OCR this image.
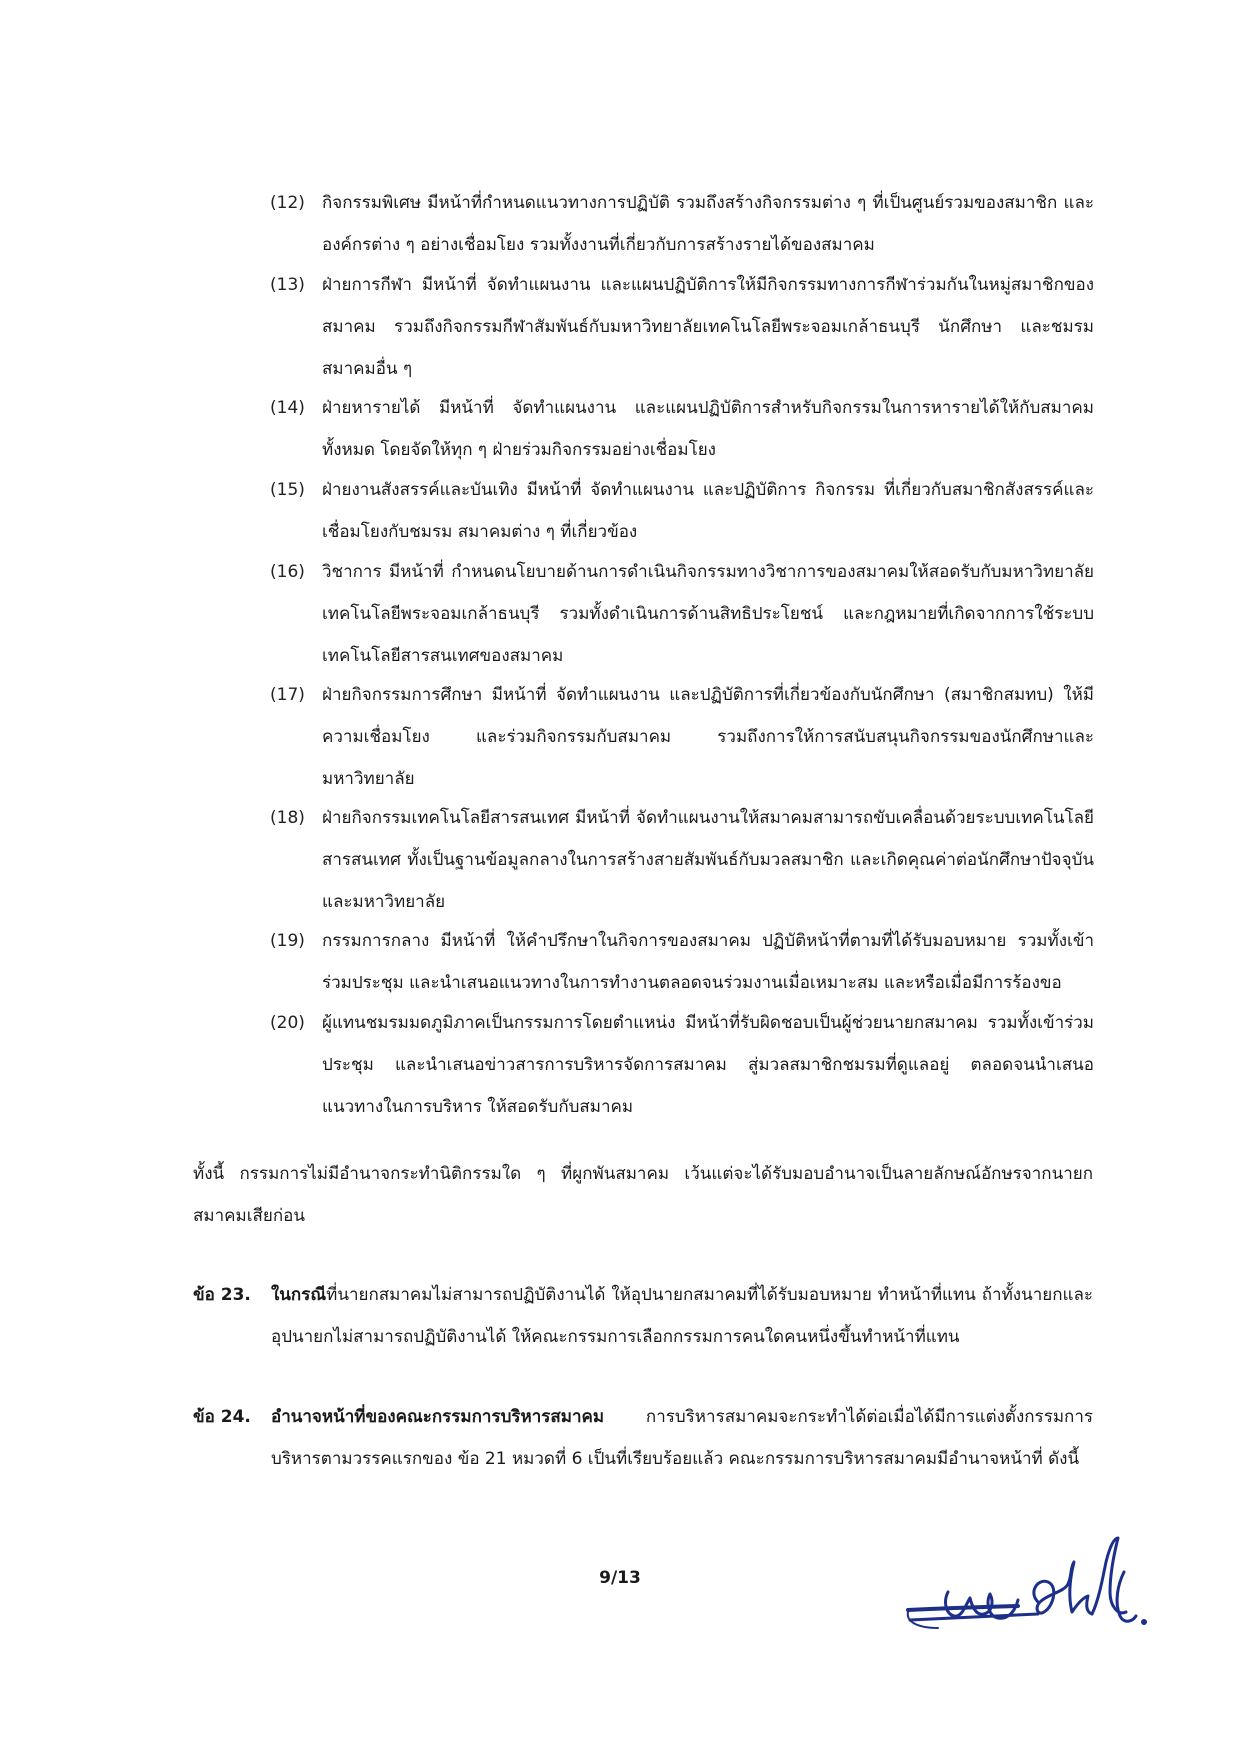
(12)	กิจกรรมพิเศษ มีหน้าที่กำหนดแนวทางการปฏิบัติ รวมถึงสร้างกิจกรรมต่าง ๆ ที่เป็นศูนย์รวมของสมาชิก และองค์กรต่าง ๆ อย่างเชื่อมโยง รวมทั้งงานที่เกี่ยวกับการสร้างรายได้ของสมาคม
(13)	ฝ่ายการกีฬา มีหน้าที่ จัดทำแผนงาน และแผนปฏิบัติการให้มีกิจกรรมทางการกีฬาร่วมกันในหมู่สมาชิกของสมาคม รวมถึงกิจกรรมกีฬาสัมพันธ์กับมหาวิทยาลัยเทคโนโลยีพระจอมเกล้าธนบุรี นักศึกษา และชมรม สมาคมอื่น ๆ
(14)	ฝ่ายหารายได้ มีหน้าที่ จัดทำแผนงาน และแผนปฏิบัติการสำหรับกิจกรรมในการหารายได้ให้กับสมาคมทั้งหมด โดยจัดให้ทุก ๆ ฝ่ายร่วมกิจกรรมอย่างเชื่อมโยง
(15)	ฝ่ายงานสังสรรค์และบันเทิง มีหน้าที่ จัดทำแผนงาน และปฏิบัติการ กิจกรรม ที่เกี่ยวกับสมาชิกสังสรรค์และเชื่อมโยงกับชมรม สมาคมต่าง ๆ ที่เกี่ยวข้อง
(16)	วิชาการ มีหน้าที่ กำหนดนโยบายด้านการดำเนินกิจกรรมทางวิชาการของสมาคมให้สอดรับกับมหาวิทยาลัยเทคโนโลยีพระจอมเกล้าธนบุรี รวมทั้งดำเนินการด้านสิทธิประโยชน์ และกฎหมายที่เกิดจากการใช้ระบบเทคโนโลยีสารสนเทศของสมาคม
(17)	ฝ่ายกิจกรรมการศึกษา มีหน้าที่ จัดทำแผนงาน และปฏิบัติการที่เกี่ยวข้องกับนักศึกษา (สมาชิกสมทบ) ให้มีความเชื่อมโยง และร่วมกิจกรรมกับสมาคม รวมถึงการให้การสนับสนุนกิจกรรมของนักศึกษาและมหาวิทยาลัย
(18)	ฝ่ายกิจกรรมเทคโนโลยีสารสนเทศ มีหน้าที่ จัดทำแผนงานให้สมาคมสามารถขับเคลื่อนด้วยระบบเทคโนโลยีสารสนเทศ ทั้งเป็นฐานข้อมูลกลางในการสร้างสายสัมพันธ์กับมวลสมาชิก และเกิดคุณค่าต่อนักศึกษาปัจจุบันและมหาวิทยาลัย
(19)	กรรมการกลาง มีหน้าที่ ให้คำปรึกษาในกิจการของสมาคม ปฏิบัติหน้าที่ตามที่ได้รับมอบหมาย รวมทั้งเข้าร่วมประชุม และนำเสนอแนวทางในการทำงานตลอดจนร่วมงานเมื่อเหมาะสม และหรือเมื่อมีการร้องขอ
(20)	ผู้แทนชมรมมดภูมิภาคเป็นกรรมการโดยตำแหน่ง มีหน้าที่รับผิดชอบเป็นผู้ช่วยนายกสมาคม รวมทั้งเข้าร่วมประชุม และนำเสนอข่าวสารการบริหารจัดการสมาคม สู่มวลสมาชิกชมรมที่ดูแลอยู่ ตลอดจนนำเสนอแนวทางในการบริหาร ให้สอดรับกับสมาคม
ทั้งนี้ กรรมการไม่มีอำนาจกระทำนิติกรรมใด ๆ ที่ผูกพันสมาคม เว้นแต่จะได้รับมอบอำนาจเป็นลายลักษณ์อักษรจากนายกสมาคมเสียก่อน
ข้อ 23.	ในกรณีที่นายกสมาคมไม่สามารถปฏิบัติงานได้ ให้อุปนายกสมาคมที่ได้รับมอบหมาย ทำหน้าที่แทน ถ้าทั้งนายกและอุปนายกไม่สามารถปฏิบัติงานได้ ให้คณะกรรมการเลือกกรรมการคนใดคนหนึ่งขึ้นทำหน้าที่แทน
ข้อ 24.	อำนาจหน้าที่ของคณะกรรมการบริหารสมาคม การบริหารสมาคมจะกระทำได้ต่อเมื่อได้มีการแต่งตั้งกรรมการบริหารตามวรรคแรกของ ข้อ 21 หมวดที่ 6 เป็นที่เรียบร้อยแล้ว คณะกรรมการบริหารสมาคมมีอำนาจหน้าที่ ดังนี้
9/13
